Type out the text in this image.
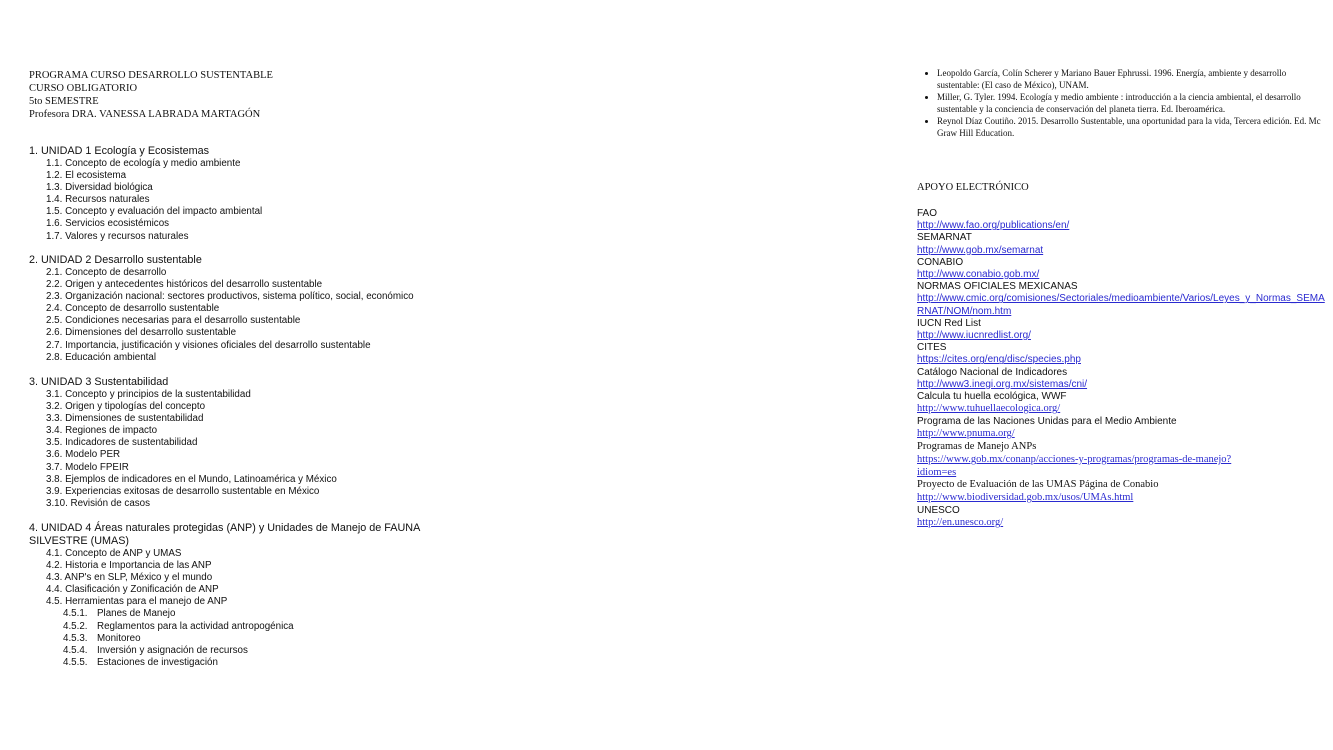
PROGRAMA CURSO DESARROLLO SUSTENTABLE
CURSO OBLIGATORIO
5to SEMESTRE
Profesora DRA. VANESSA LABRADA MARTAGÓN
1. UNIDAD 1 Ecología y Ecosistemas
1.1. Concepto de ecología y medio ambiente
1.2. El ecosistema
1.3. Diversidad biológica
1.4. Recursos naturales
1.5. Concepto y evaluación del impacto ambiental
1.6. Servicios ecosistémicos
1.7. Valores y recursos naturales
2. UNIDAD 2 Desarrollo sustentable
2.1. Concepto de desarrollo
2.2. Origen y antecedentes históricos del desarrollo sustentable
2.3. Organización nacional: sectores productivos, sistema político, social, económico
2.4. Concepto de desarrollo sustentable
2.5. Condiciones necesarias para el desarrollo sustentable
2.6. Dimensiones del desarrollo sustentable
2.7. Importancia, justificación y visiones oficiales del desarrollo sustentable
2.8. Educación ambiental
3. UNIDAD 3 Sustentabilidad
3.1. Concepto y principios de la sustentabilidad
3.2. Origen y tipologías del concepto
3.3. Dimensiones de sustentabilidad
3.4. Regiones de impacto
3.5. Indicadores de sustentabilidad
3.6. Modelo PER
3.7. Modelo FPEIR
3.8. Ejemplos de indicadores en el Mundo, Latinoamérica y México
3.9. Experiencias exitosas de desarrollo sustentable en México
3.10. Revisión de casos
4. UNIDAD 4 Áreas naturales protegidas (ANP) y Unidades de Manejo de FAUNA SILVESTRE (UMAS)
4.1. Concepto de ANP y UMAS
4.2. Historia e Importancia de las ANP
4.3. ANP's en SLP, México y el mundo
4.4. Clasificación y Zonificación de ANP
4.5. Herramientas para el manejo de ANP
4.5.1. Planes de Manejo
4.5.2. Reglamentos para la actividad antropogénica
4.5.3. Monitoreo
4.5.4. Inversión y asignación de recursos
4.5.5. Estaciones de investigación
• Leopoldo García, Colín Scherer y Mariano Bauer Ephrussi. 1996. Energía, ambiente y desarrollo sustentable: (El caso de México), UNAM.
• Miller, G. Tyler. 1994. Ecología y medio ambiente : introducción a la ciencia ambiental, el desarrollo sustentable y la conciencia de conservación del planeta tierra. Ed. Iberoamérica.
• Reynol Díaz Coutiño. 2015. Desarrollo Sustentable, una oportunidad para la vida, Tercera edición. Ed. Mc Graw Hill Education.
APOYO ELECTRÓNICO
FAO
http://www.fao.org/publications/en/
SEMARNAT
http://www.gob.mx/semarnat
CONABIO
http://www.conabio.gob.mx/
NORMAS OFICIALES MEXICANAS
http://www.cmic.org/comisiones/Sectoriales/medioambiente/Varios/Leyes_y_Normas_SEMARNAT/NOM/nom.htm
IUCN Red List
http://www.iucnredlist.org/
CITES
https://cites.org/eng/disc/species.php
Catálogo Nacional de Indicadores
http://www3.inegi.org.mx/sistemas/cni/
Calcula tu huella ecológica, WWF
http://www.tuhuellaecologica.org/
Programa de las Naciones Unidas para el Medio Ambiente
http://www.pnuma.org/
Programas de Manejo ANPs
https://www.gob.mx/conanp/acciones-y-programas/programas-de-manejo?idiom=es
Proyecto de Evaluación de las UMAS Página de Conabio
http://www.biodiversidad.gob.mx/usos/UMAs.html
UNESCO
http://en.unesco.org/
